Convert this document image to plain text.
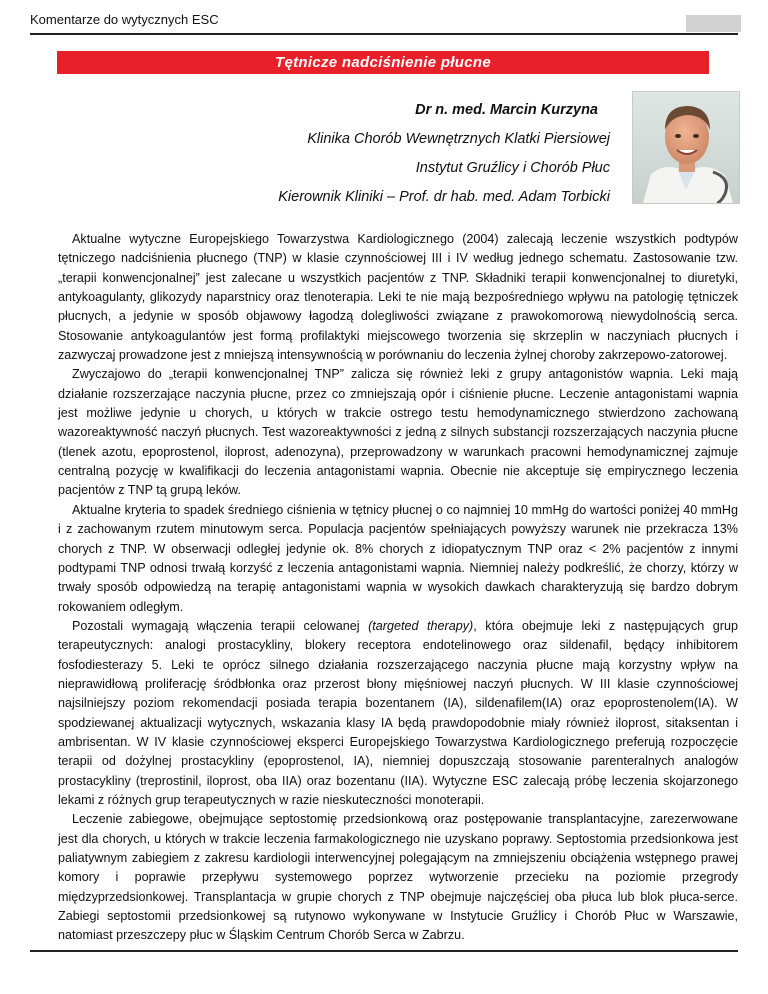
Komentarze do wytycznych ESC
Tętnicze nadciśnienie płucne
Dr n. med. Marcin Kurzyna
Klinika Chorób Wewnętrznych Klatki Piersiowej
Instytut Gruźlicy i Chorób Płuc
Kierownik Kliniki – Prof. dr hab. med. Adam Torbicki

Aktualne wytyczne Europejskiego Towarzystwa Kardiologicznego (2004) zalecają leczenie wszystkich podtypów tętniczego nadciśnienia płucnego (TNP) w klasie czynnościowej III i IV według jednego schematu. Zastosowanie tzw. „terapii konwencjonalnej” jest zalecane u wszystkich pacjentów z TNP. Składniki terapii konwencjonalnej to diuretyki, antykoagulanty, glikozydy naparstnicy oraz tlenoterapia. Leki te nie mają bezpośredniego wpływu na patologię tętniczek płucnych, a jedynie w sposób objawowy łagodzą dolegliwości związane z prawokomorową niewydolnością serca. Stosowanie antykoagulantów jest formą profilaktyki miejscowego tworzenia się skrzeplin w naczyniach płucnych i zazwyczaj prowadzone jest z mniejszą intensywnością w porównaniu do leczenia żylnej choroby zakrzepowo-zatorowej.

Zwyczajowo do „terapii konwencjonalnej TNP” zalicza się również leki z grupy antagonistów wapnia. Leki mają działanie rozszerzające naczynia płucne, przez co zmniejszają opór i ciśnienie płucne. Leczenie antagonistami wapnia jest możliwe jedynie u chorych, u których w trakcie ostrego testu hemodynamicznego stwierdzono zachowaną wazoreaktywność naczyń płucnych. Test wazoreaktywności z jedną z silnych substancji rozszerzających naczynia płucne (tlenek azotu, epoprostenol, iloprost, adenozyna), przeprowadzony w warunkach pracowni hemodynamicznej zajmuje centralną pozycję w kwalifikacji do leczenia antagonistami wapnia. Obecnie nie akceptuje się empirycznego leczenia pacjentów z TNP tą grupą leków.

Aktualne kryteria to spadek średniego ciśnienia w tętnicy płucnej o co najmniej 10 mmHg do wartości poniżej 40 mmHg i z zachowanym rzutem minutowym serca. Populacja pacjentów spełniających powyższy warunek nie przekracza 13% chorych z TNP. W obserwacji odległej jedynie ok. 8% chorych z idiopatycznym TNP oraz < 2% pacjentów z innymi podtypami TNP odnosi trwałą korzyść z leczenia antagonistami wapnia. Niemniej należy podkreślić, że chorzy, którzy w trwały sposób odpowiedzą na terapię antagonistami wapnia w wysokich dawkach charakteryzują się bardzo dobrym rokowaniem odległym.

Pozostali wymagają włączenia terapii celowanej (targeted therapy), która obejmuje leki z następujących grup terapeutycznych: analogi prostacykliny, blokery receptora endotelinowego oraz sildenafil, będący inhibitorem fosfodiesterazy 5. Leki te oprócz silnego działania rozszerzającego naczynia płucne mają korzystny wpływ na nieprawidłową proliferację śródbłonka oraz przerost błony mięśniowej naczyń płucnych. W III klasie czynnościowej najsilniejszy poziom rekomendacji posiada terapia bozentanem (IA), sildenafilem(IA) oraz epoprostenolem(IA). W spodziewanej aktualizacji wytycznych, wskazania klasy IA będą prawdopodobnie miały również iloprost, sitaksentan i ambrisentan. W IV klasie czynnościowej eksperci Europejskiego Towarzystwa Kardiologicznego preferują rozpoczęcie terapii od dożylnej prostacykliny (epoprostenol, IA), niemniej dopuszczają stosowanie parenteralnych analogów prostacykliny (treprostinil, iloprost, oba IIA) oraz bozentanu (IIA). Wytyczne ESC zalecają próbę leczenia skojarzonego lekami z różnych grup terapeutycznych w razie nieskuteczności monoterapii.

Leczenie zabiegowe, obejmujące septostomię przedsionkową oraz postępowanie transplantacyjne, zarezerwowane jest dla chorych, u których w trakcie leczenia farmakologicznego nie uzyskano poprawy. Septostomia przedsionkowa jest paliatywnym zabiegiem z zakresu kardiologii interwencyjnej polegającym na zmniejszeniu obciążenia wstępnego prawej komory i poprawie przepływu systemowego poprzez wytworzenie przecieku na poziomie przegrody międzyprzedsionkowej. Transplantacja w grupie chorych z TNP obejmuje najczęściej oba płuca lub blok płuca-serce. Zabiegi septostomii przedsionkowej są rutynowo wykonywane w Instytucie Gruźlicy i Chorób Płuc w Warszawie, natomiast przeszczepy płuc w Śląskim Centrum Chorób Serca w Zabrzu.
